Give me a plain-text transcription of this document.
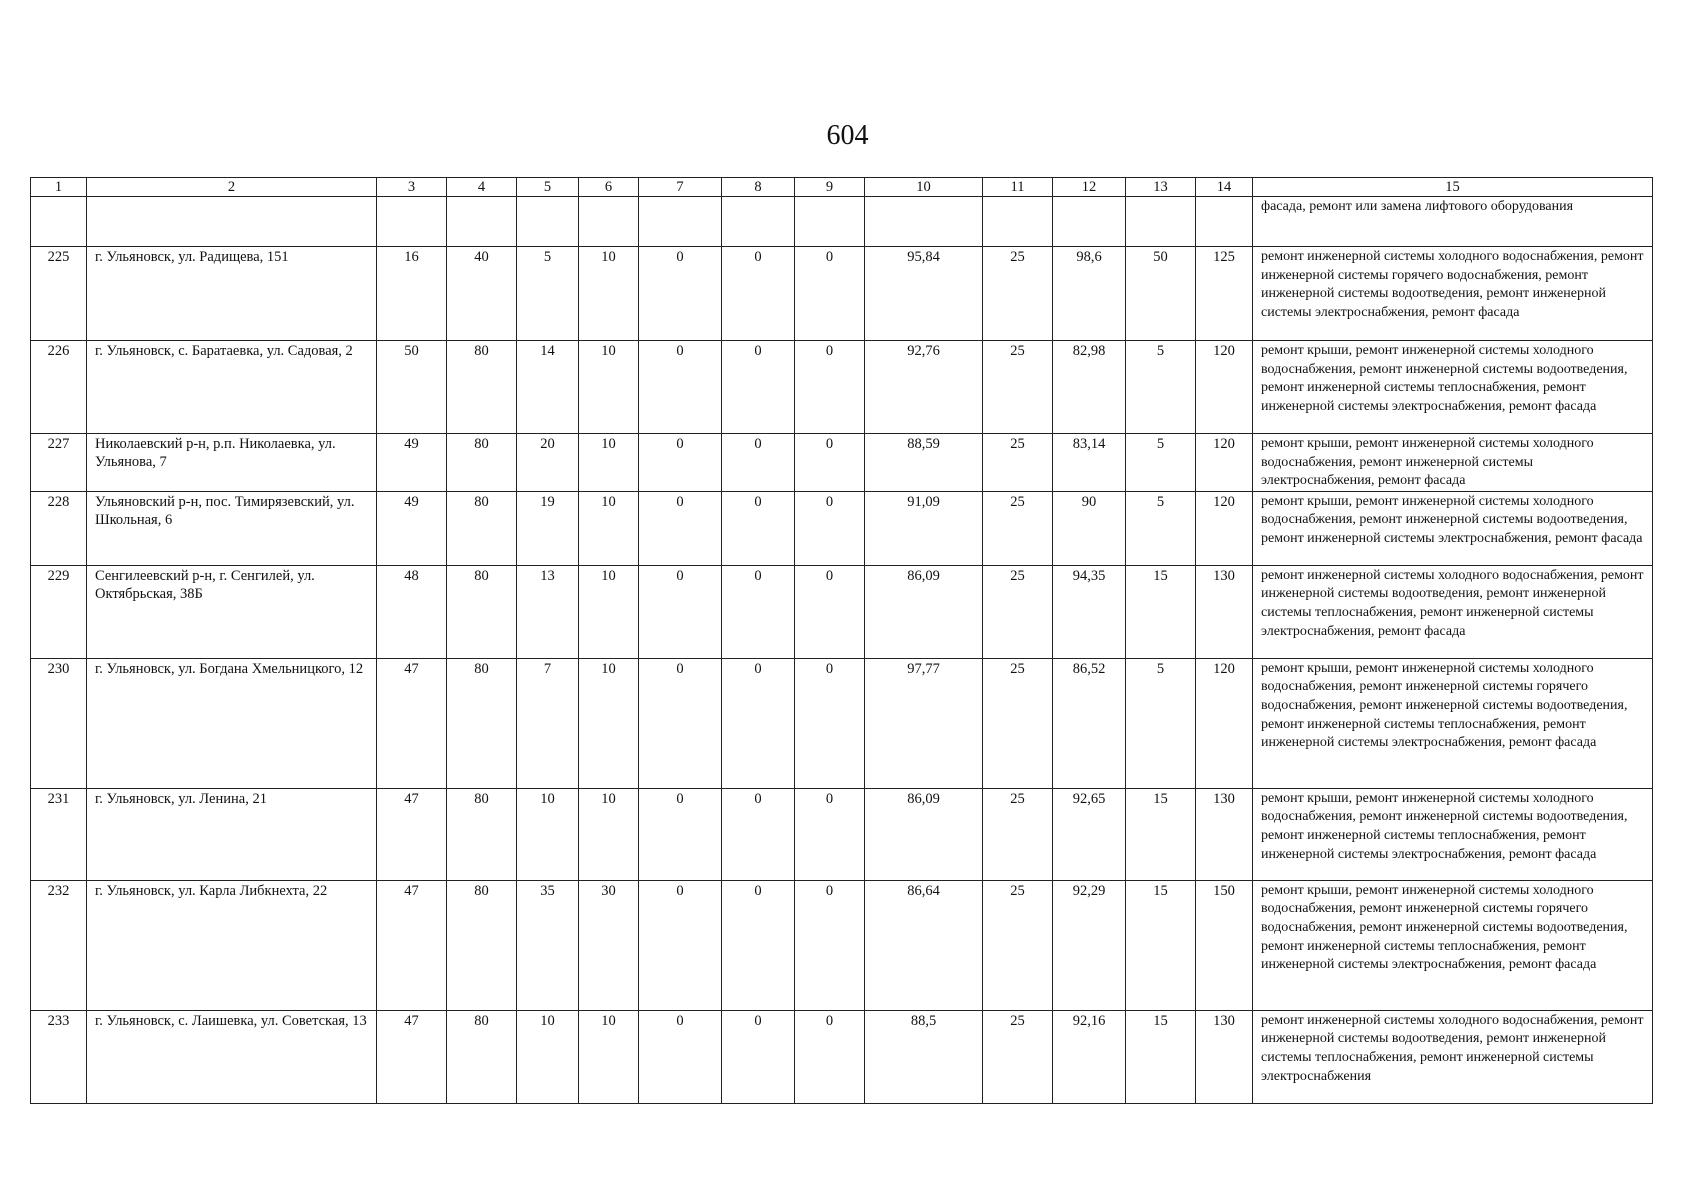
604
1	2	3	4	5	6	7	8	9	10	11	12	13	14	15
														фасада, ремонт или замена лифтового оборудования
225	г. Ульяновск, ул. Радищева, 151	16	40	5	10	0	0	0	95,84	25	98,6	50	125	ремонт инженерной системы холодного водоснабжения, ремонт инженерной системы горячего водоснабжения, ремонт инженерной системы водоотведения, ремонт инженерной системы электроснабжения, ремонт фасада
226	г. Ульяновск, с. Баратаевка, ул. Садовая, 2	50	80	14	10	0	0	0	92,76	25	82,98	5	120	ремонт крыши, ремонт инженерной системы холодного водоснабжения, ремонт инженерной системы водоотведения, ремонт инженерной системы теплоснабжения, ремонт инженерной системы электроснабжения, ремонт фасада
227	Николаевский р-н, р.п. Николаевка, ул. Ульянова, 7	49	80	20	10	0	0	0	88,59	25	83,14	5	120	ремонт крыши, ремонт инженерной системы холодного водоснабжения, ремонт инженерной системы электроснабжения, ремонт фасада
228	Ульяновский р-н, пос. Тимирязевский, ул. Школьная, 6	49	80	19	10	0	0	0	91,09	25	90	5	120	ремонт крыши, ремонт инженерной системы холодного водоснабжения, ремонт инженерной системы водоотведения, ремонт инженерной системы электроснабжения, ремонт фасада
229	Сенгилеевский р-н, г. Сенгилей, ул. Октябрьская, 38Б	48	80	13	10	0	0	0	86,09	25	94,35	15	130	ремонт инженерной системы холодного водоснабжения, ремонт инженерной системы водоотведения, ремонт инженерной системы теплоснабжения, ремонт инженерной системы электроснабжения, ремонт фасада
230	г. Ульяновск, ул. Богдана Хмельницкого, 12	47	80	7	10	0	0	0	97,77	25	86,52	5	120	ремонт крыши, ремонт инженерной системы холодного водоснабжения, ремонт инженерной системы горячего водоснабжения, ремонт инженерной системы водоотведения, ремонт инженерной системы теплоснабжения, ремонт инженерной системы электроснабжения, ремонт фасада
231	г. Ульяновск, ул. Ленина, 21	47	80	10	10	0	0	0	86,09	25	92,65	15	130	ремонт крыши, ремонт инженерной системы холодного водоснабжения, ремонт инженерной системы водоотведения, ремонт инженерной системы теплоснабжения, ремонт инженерной системы электроснабжения, ремонт фасада
232	г. Ульяновск, ул. Карла Либкнехта, 22	47	80	35	30	0	0	0	86,64	25	92,29	15	150	ремонт крыши, ремонт инженерной системы холодного водоснабжения, ремонт инженерной системы горячего водоснабжения, ремонт инженерной системы водоотведения, ремонт инженерной системы теплоснабжения, ремонт инженерной системы электроснабжения, ремонт фасада
233	г. Ульяновск, с. Лаишевка, ул. Советская, 13	47	80	10	10	0	0	0	88,5	25	92,16	15	130	ремонт инженерной системы холодного водоснабжения, ремонт инженерной системы водоотведения, ремонт инженерной системы теплоснабжения, ремонт инженерной системы электроснабжения
